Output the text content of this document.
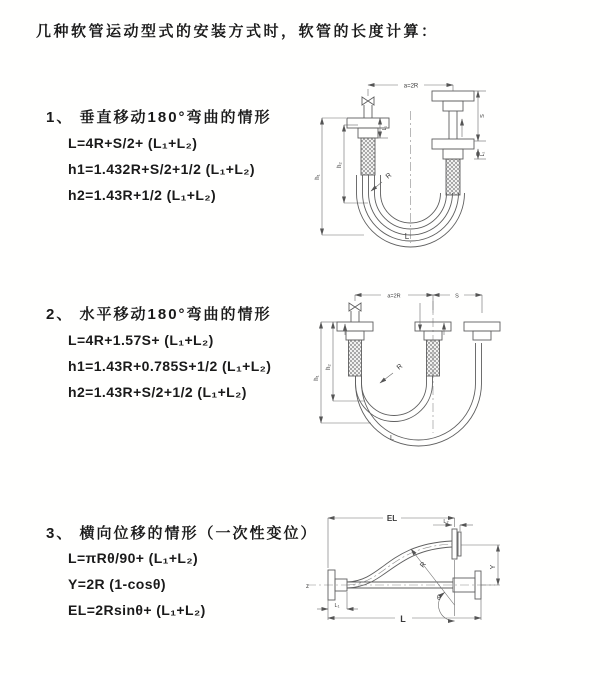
几种软管运动型式的安装方式时，软管的长度计算：
1、 垂直移动180°弯曲的情形
L=4R+S/2+ (L₁+L₂)
h1=1.432R+S/2+1/2 (L₁+L₂)
h2=1.43R+1/2 (L₁+L₂)
2、 水平移动180°弯曲的情形
L=4R+1.57S+ (L₁+L₂)
h1=1.43R+0.785S+1/2 (L₁+L₂)
h2=1.43R+S/2+1/2 (L₁+L₂)
3、 横向位移的情形（一次性变位）
L=πRθ/90+ (L₁+L₂)
Y=2R (1-cosθ)
EL=2Rsinθ+ (L₁+L₂)
a=2R
S
L₂
L₁
h₁
h₂
R
L
a=2R	S
h₁
h₂	R
L
z
EL	L₂
Y
R
θ
L₁
L
